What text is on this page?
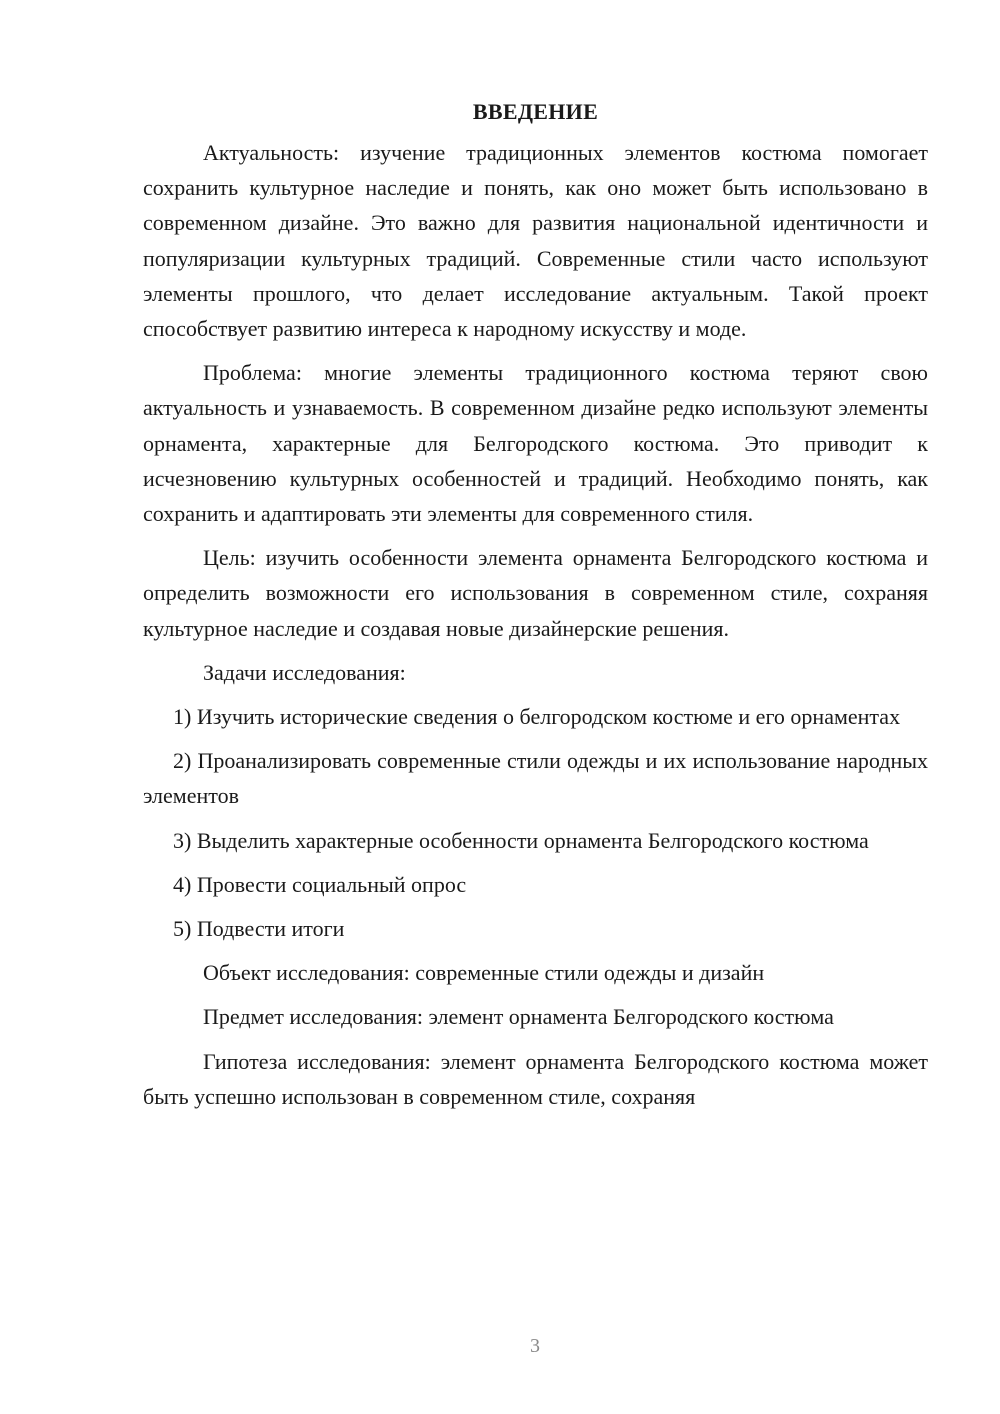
ВВЕДЕНИЕ

Актуальность: изучение традиционных элементов костюма помогает сохранить культурное наследие и понять, как оно может быть использовано в современном дизайне. Это важно для развития национальной идентичности и популяризации культурных традиций. Современные стили часто используют элементы прошлого, что делает исследование актуальным. Такой проект способствует развитию интереса к народному искусству и моде.

Проблема: многие элементы традиционного костюма теряют свою актуальность и узнаваемость. В современном дизайне редко используют элементы орнамента, характерные для Белгородского костюма. Это приводит к исчезновению культурных особенностей и традиций. Необходимо понять, как сохранить и адаптировать эти элементы для современного стиля.

Цель: изучить особенности элемента орнамента Белгородского костюма и определить возможности его использования в современном стиле, сохраняя культурное наследие и создавая новые дизайнерские решения.

Задачи исследования:

1) Изучить исторические сведения о белгородском костюме и его орнаментах

2) Проанализировать современные стили одежды и их использование народных элементов

3) Выделить характерные особенности орнамента Белгородского костюма

4) Провести социальный опрос

5) Подвести итоги

Объект исследования: современные стили одежды и дизайн

Предмет исследования: элемент орнамента Белгородского костюма

Гипотеза исследования: элемент орнамента Белгородского костюма может быть успешно использован в современном стиле, сохраняя

3
